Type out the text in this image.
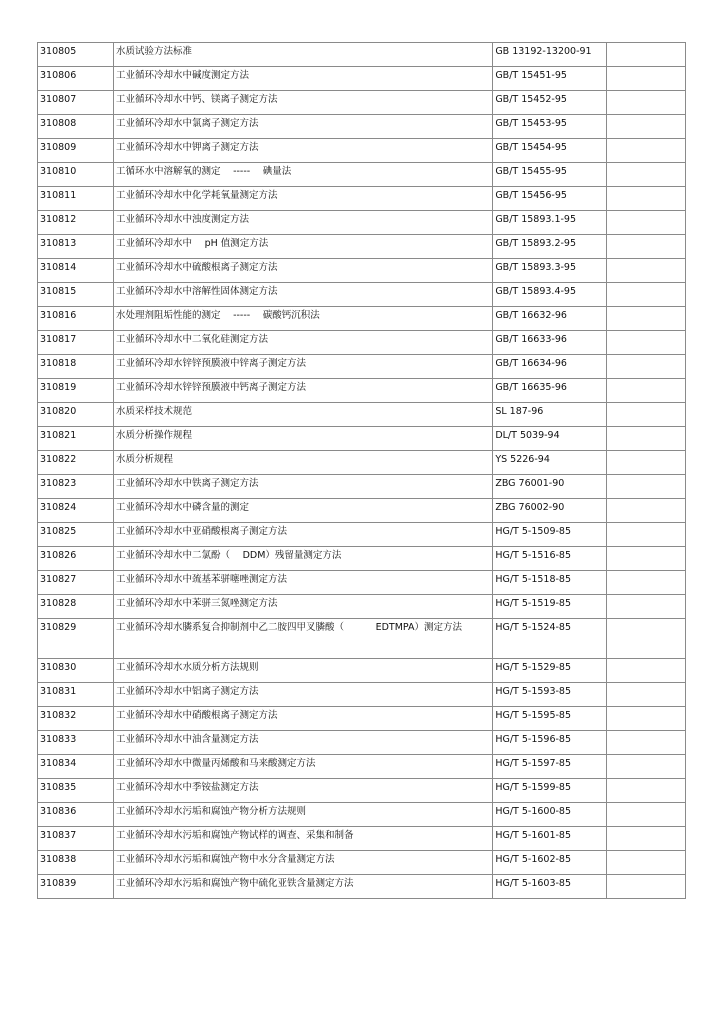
310805	水质试验方法标准	GB 13192-13200-91	
310806	工业循环冷却水中碱度测定方法	GB/T 15451-95	
310807	工业循环冷却水中钙、镁离子测定方法	GB/T 15452-95	
310808	工业循环冷却水中氯离子测定方法	GB/T 15453-95	
310809	工业循环冷却水中钾离子测定方法	GB/T 15454-95	
310810	工循环水中溶解氧的测定　 -----　 碘量法	GB/T 15455-95	
310811	工业循环冷却水中化学耗氧量测定方法	GB/T 15456-95	
310812	工业循环冷却水中浊度测定方法	GB/T 15893.1-95	
310813	工业循环冷却水中　 pH 值测定方法	GB/T 15893.2-95	
310814	工业循环冷却水中硫酸根离子测定方法	GB/T 15893.3-95	
310815	工业循环冷却水中溶解性固体测定方法	GB/T 15893.4-95	
310816	水处理剂阻垢性能的测定　 -----　 碳酸钙沉积法	GB/T 16632-96	
310817	工业循环冷却水中二氧化硅测定方法	GB/T 16633-96	
310818	工业循环冷却水锌锌预膜液中锌离子测定方法	GB/T 16634-96	
310819	工业循环冷却水锌锌预膜液中钙离子测定方法	GB/T 16635-96	
310820	水质采样技术规范	SL 187-96	
310821	水质分析操作规程	DL/T 5039-94	
310822	水质分析规程	YS 5226-94	
310823	工业循环冷却水中铁离子测定方法	ZBG 76001-90	
310824	工业循环冷却水中磷含量的测定	ZBG 76002-90	
310825	工业循环冷却水中亚硝酸根离子测定方法	HG/T 5-1509-85	
310826	工业循环冷却水中二氯酚（　 DDM）残留量测定方法	HG/T 5-1516-85	
310827	工业循环冷却水中巯基苯骈噻唑测定方法	HG/T 5-1518-85	
310828	工业循环冷却水中苯骈三氮唑测定方法	HG/T 5-1519-85	
310829	工业循环冷却水膦系复合抑制剂中乙二胺四甲叉膦酸（　　　 EDTMPA）测定方法	HG/T 5-1524-85	
310830	工业循环冷却水水质分析方法规则	HG/T 5-1529-85	
310831	工业循环冷却水中铝离子测定方法	HG/T 5-1593-85	
310832	工业循环冷却水中硝酸根离子测定方法	HG/T 5-1595-85	
310833	工业循环冷却水中油含量测定方法	HG/T 5-1596-85	
310834	工业循环冷却水中微量丙烯酸和马来酸测定方法	HG/T 5-1597-85	
310835	工业循环冷却水中季铵盐测定方法	HG/T 5-1599-85	
310836	工业循环冷却水污垢和腐蚀产物分析方法规则	HG/T 5-1600-85	
310837	工业循环冷却水污垢和腐蚀产物试样的调查、采集和制备	HG/T 5-1601-85	
310838	工业循环冷却水污垢和腐蚀产物中水分含量测定方法	HG/T 5-1602-85	
310839	工业循环冷却水污垢和腐蚀产物中硫化亚铁含量测定方法	HG/T 5-1603-85	
